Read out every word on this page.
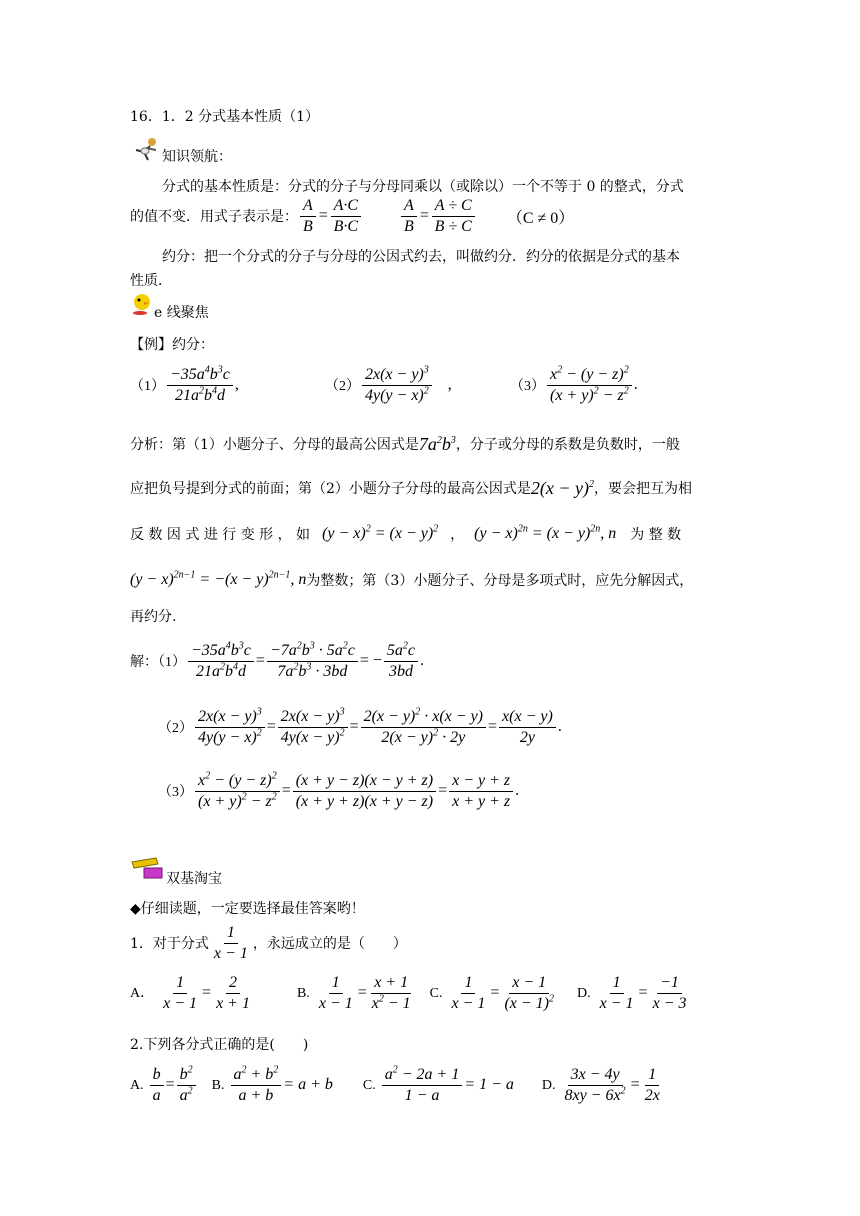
16．1．2 分式基本性质（1）
知识领航：
分式的基本性质是：分式的分子与分母同乘以（或除以）一个不等于 0 的整式，分式
的值不变．用式子表示是： $\frac{A}{B} = \frac{A\cdot C}{B\cdot C}$	$\frac{A}{B} = \frac{A \div C}{B \div C} (C \ne 0)$
约分：把一个分式的分子与分母的公因式约去，叫做约分．约分的依据是分式的基本
性质．
e 线聚焦
【例】约分：
（1）
$-35a^4b^3c$
$21a^2b^4d$
,	（2）
$2x(x - y)^3$
$4y(y - x)^2$ ,	（3）
$x^2 - (y - z)^2$
$(x + y)^2 - z^2$ .
分析：第（1）小题分子、分母的最高公因式是 $7a^2b^3$ ，分子或分母的系数是负数时，一般
应把负号提到分式的前面；第（2）小题分子分母的最高公因式是 $2(x - y)^2$ ，要会把互为相
反 数 因 式 进 行 变 形 ， 如 $(y - x)^2 = (x - y)^2$ ， $(y - x)^{2n} = (x - y)^{2n}$, n 为 整 数
$(y - x)^{2n-1} = -(x - y)^{2n-1}$, n 为整数；第（3）小题分子、分母是多项式时，应先分解因式，
再约分.
解：（1）
$-35a^4b^3c$
$21a^2b^4d$
=
$-7a^2b^3 \cdot 5a^2c$
$7a^2b^3 \cdot 3bd$
= −
$5a^2c$
3bd
.
（2）
$2x(x - y)^3$
$4y(y - x)^2$ =
$2x(x - y)^3$
$4y(x - y)^2$ =
$2(x - y)^2 \cdot x(x - y)$
$2(x - y)^2 \cdot 2y$
=
x(x − y)
2y
.
（3）
$x^2 - (y - z)^2$
$(x + y)^2 - z^2$ =
(x + y − z)(x − y + z)
(x + y + z)(x + y − z)
=
x − y + z
x + y + z
.
双基淘宝
◆仔细读题，一定要选择最佳答案哟！
1．对于分式
1
x − 1
，永远成立的是（　　）
A． $\frac{1}{x - 1} = \frac{2}{x + 1}$	B. $\frac{1}{x - 1} = \frac{x + 1}{x^2 - 1} C$. $\frac{1}{x - 1} = \frac{x - 1}{(x - 1)^2} D$. $\frac{1}{x - 1} = \frac{-1}{x - 3}$
2.下列各分式正确的是(　　)
A. $\frac{b}{a} = \frac{b^2}{a^2} B$. $\frac{a^2 + b^2}{a + b} = a + b$ C. $\frac{a^2 - 2a + 1}{1 - a} = 1 - a$ D. $\frac{3x - 4y}{8xy - 6x^2} = \frac{1}{2x}$
